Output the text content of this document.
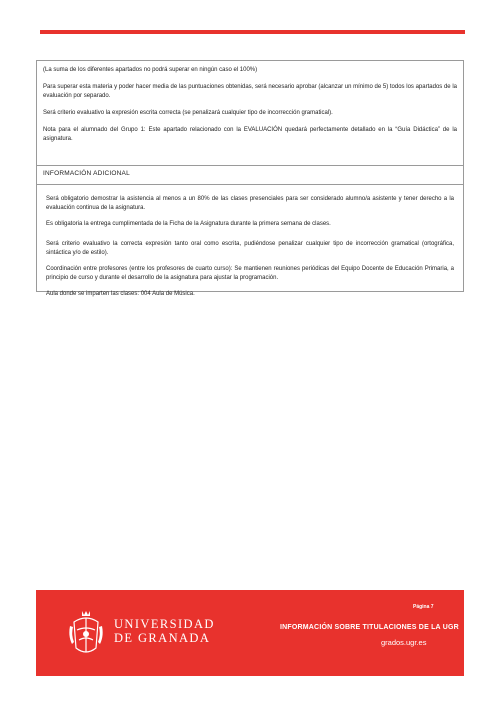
(La suma de los diferentes apartados no podrá superar en ningún caso el 100%)

Para superar esta materia y poder hacer media de las puntuaciones obtenidas, será necesario aprobar (alcanzar un mínimo de 5) todos los apartados de la evaluación por separado.

Será criterio evaluativo la expresión escrita correcta (se penalizará cualquier tipo de incorrección gramatical).

Nota para el alumnado del Grupo 1: Este apartado relacionado con la EVALUACIÓN quedará perfectamente detallado en la “Guía Didáctica” de la asignatura.

INFORMACIÓN ADICIONAL

Será obligatorio demostrar la asistencia al menos a un 80% de las clases presenciales para ser considerado alumno/a asistente y tener derecho a la evaluación continua de la asignatura.

Es obligatoria la entrega cumplimentada de la Ficha de la Asignatura durante la primera semana de clases.

Será criterio evaluativo la correcta expresión tanto oral como escrita, pudiéndose penalizar cualquier tipo de incorrección gramatical (ortográfica, sintáctica y/o de estilo).

Coordinación entre profesores (entre los profesores de cuarto curso): Se mantienen reuniones periódicas del Equipo Docente de Educación Primaria, a principio de curso y durante el desarrollo de la asignatura para ajustar la programación.

Aula donde se imparten las clases: 004 Aula de Música.

UNIVERSIDAD
DE GRANADA
Página 7
INFORMACIÓN SOBRE TITULACIONES DE LA UGR
grados.ugr.es
